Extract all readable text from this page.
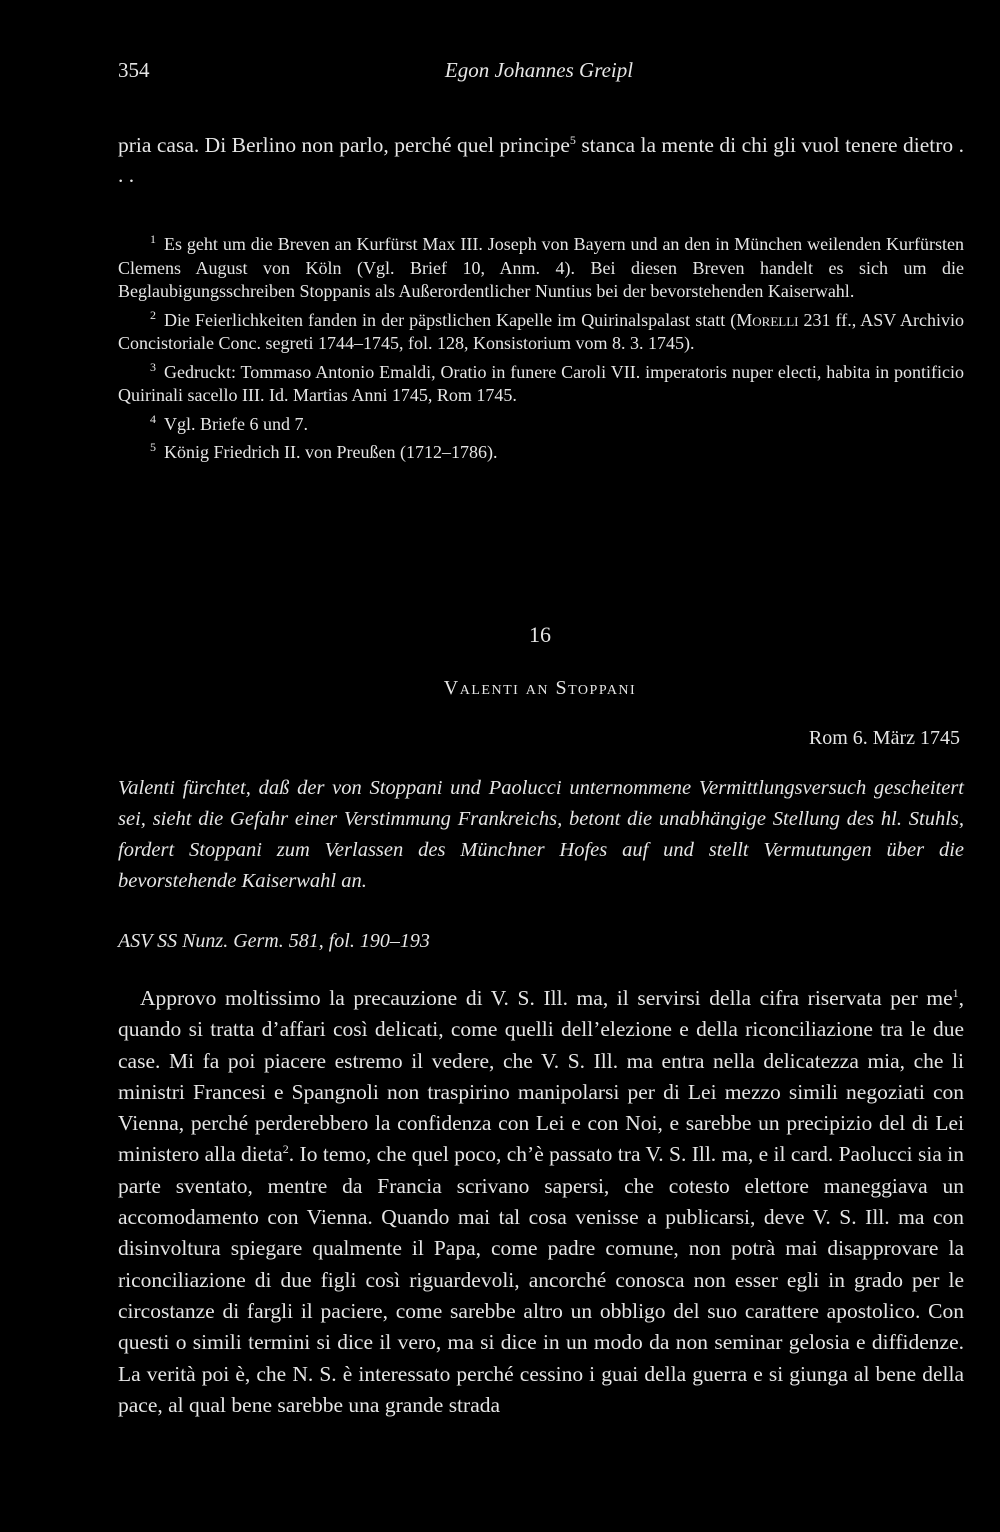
354	Egon Johannes Greipl
pria casa. Di Berlino non parlo, perché quel principe$^5$ stanca la mente di chi gli vuol tenere dietro . . .

1 Es geht um die Breven an Kurfürst Max III. Joseph von Bayern und an den in München weilenden Kurfürsten Clemens August von Köln (Vgl. Brief 10, Anm. 4). Bei diesen Breven handelt es sich um die Beglaubigungsschreiben Stoppanis als Außerordentlicher Nuntius bei der bevorstehenden Kaiserwahl.

2 Die Feierlichkeiten fanden in der päpstlichen Kapelle im Quirinalspalast statt (Morelli 231 ff., ASV Archivio Concistoriale Conc. segreti 1744–1745, fol. 128, Konsistorium vom 8. 3. 1745).

3 Gedruckt: Tommaso Antonio Emaldi, Oratio in funere Caroli VII. imperatoris nuper electi, habita in pontificio Quirinali sacello III. Id. Martias Anni 1745, Rom 1745.

4 Vgl. Briefe 6 und 7.

5 König Friedrich II. von Preußen (1712–1786).

16
Valenti an Stoppani
Rom 6. März 1745
Valenti fürchtet, daß der von Stoppani und Paolucci unternommene Vermittlungsversuch gescheitert sei, sieht die Gefahr einer Verstimmung Frankreichs, betont die unabhängige Stellung des hl. Stuhls, fordert Stoppani zum Verlassen des Münchner Hofes auf und stellt Vermutungen über die bevorstehende Kaiserwahl an.
ASV SS Nunz. Germ. 581, fol. 190–193

Approvo moltissimo la precauzione di V. S. Ill. ma, il servirsi della cifra riservata per $me^1$, quando si tratta d’affari così delicati, come quelli dell’elezione e della riconciliazione tra le due case. Mi fa poi piacere estremo il vedere, che V. S. Ill. ma entra nella delicatezza mia, che li ministri Francesi e Spangnoli non traspirino manipolarsi per di Lei mezzo simili negoziati con Vienna, perché perderebbero la confidenza con Lei e con Noi, e sarebbe un precipizio del di Lei ministero alla dieta$^2$. Io temo, che quel poco, ch’è passato tra V. S. Ill. ma, e il card. Paolucci sia in parte sventato, mentre da Francia scrivano sapersi, che cotesto elettore maneggiava un accomodamento con Vienna. Quando mai tal cosa venisse a publicarsi, deve V. S. Ill. ma con disinvoltura spiegare qualmente il Papa, come padre comune, non potrà mai disapprovare la riconciliazione di due figli così riguardevoli, ancorché conosca non esser egli in grado per le circostanze di fargli il paciere, come sarebbe altro un obbligo del suo carattere apostolico. Con questi o simili termini si dice il vero, ma si dice in un modo da non seminar gelosia e diffidenze. La verità poi è, che N. S. è interessato perché cessino i guai della guerra e si giunga al bene della pace, al qual bene sarebbe una grande strada
